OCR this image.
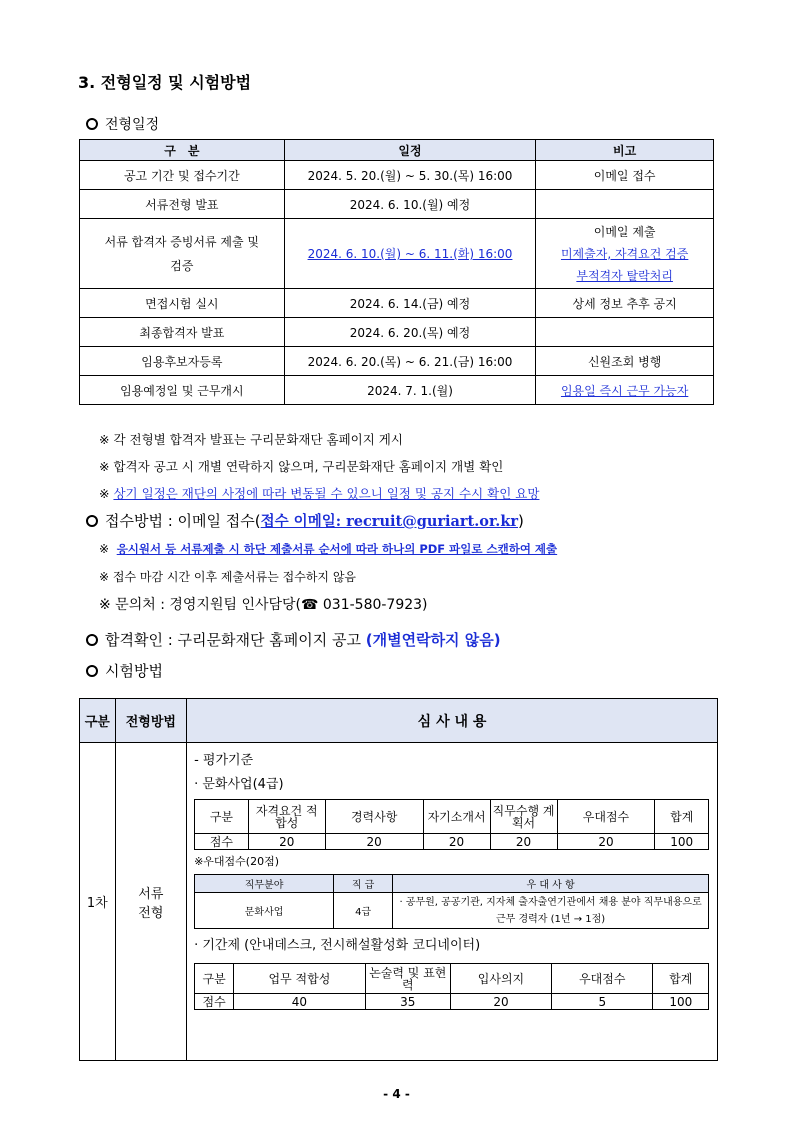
3. 전형일정 및 시험방법
전형일정
구　분	일정	비고
공고 기간 및 접수기간	2024. 5. 20.(월) ~ 5. 30.(목) 16:00	이메일 접수
서류전형 발표	2024. 6. 10.(월) 예정	
서류 합격자 증빙서류 제출 및 검증	2024. 6. 10.(월) ~ 6. 11.(화) 16:00	이메일 제출
미제출자, 자격요건 검증
부적격자 탈락처리

면접시험 실시	2024. 6. 14.(금) 예정	상세 정보 추후 공지
최종합격자 발표	2024. 6. 20.(목) 예정	
임용후보자등록	2024. 6. 20.(목) ~ 6. 21.(금) 16:00	신원조회 병행
임용예정일 및 근무개시	2024. 7. 1.(월)	임용일 즉시 근무 가능자
※ 각 전형별 합격자 발표는 구리문화재단 홈페이지 게시
※ 합격자 공고 시 개별 연락하지 않으며, 구리문화재단 홈페이지 개별 확인
※ 상기 일정은 재단의 사정에 따라 변동될 수 있으니 일정 및 공지 수시 확인 요망
접수방법 : 이메일 접수(접수 이메일: recruit@guriart.or.kr)
※  응시원서 등 서류제출 시 하단 제출서류 순서에 따라 하나의 PDF 파일로 스캔하여 제출
※ 접수 마감 시간 이후 제출서류는 접수하지 않음
※ 문의처 : 경영지원팀 인사담당(☎ 031-580-7923)
합격확인 : 구리문화재단 홈페이지 공고 (개별연락하지 않음)
시험방법
구분	전형방법	심 사 내 용
1차	서류전형	
- 평가기준
· 문화사업(4급)
구분	자격요건 적합성	경력사항	자기소개서	직무수행 계획서	우대점수	합계
점수	20	20	20	20	20	100
※우대점수(20점)
직무분야	직 급	우 대 사 항
문화사업	4급	· 공무원, 공공기관, 지자체 출자출연기관에서 채용 분야 직무내용으로 근무 경력자 (1년 → 1점)
· 기간제 (안내데스크, 전시해설활성화 코디네이터)
구분	업무 적합성	논술력 및 표현력	입사의지	우대점수	합계
점수	40	35	20	5	100
- 4 -
